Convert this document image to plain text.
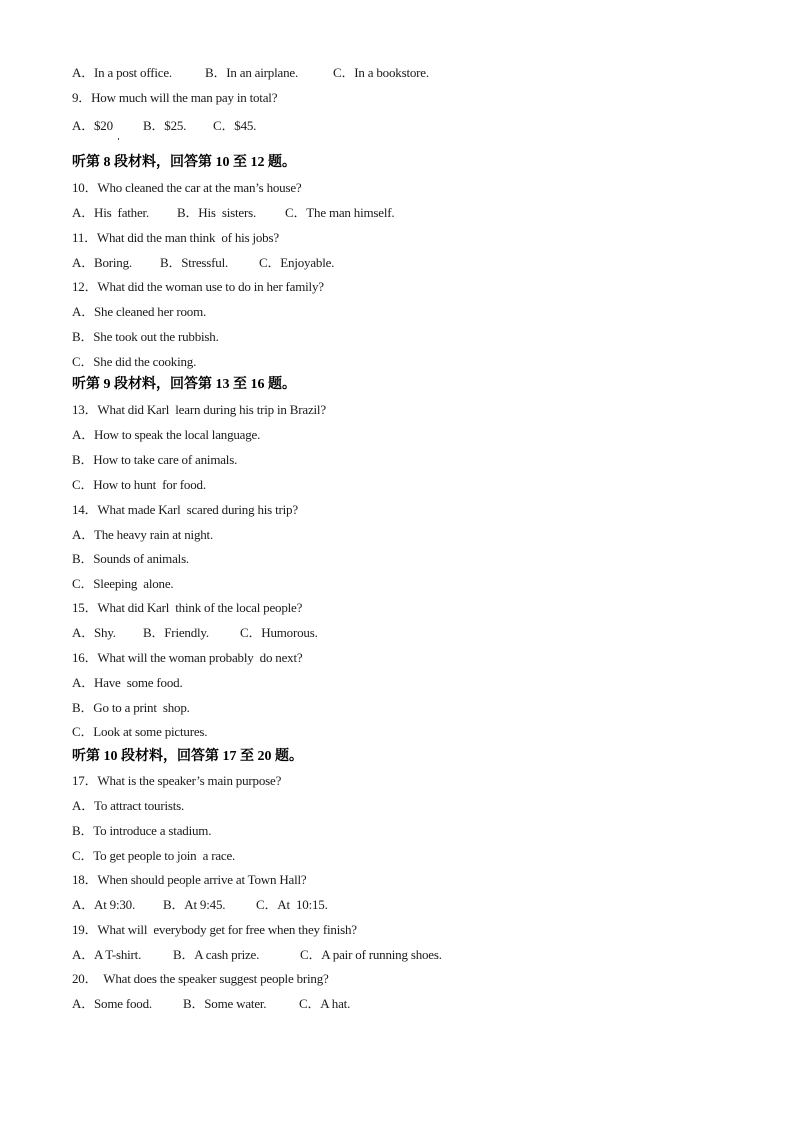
A．In a post office.	B．In an airplane.	C．In a bookstore.
9．How much will the man pay in total?
A．$20 B．$25. C．$45.
听第 8 段材料，回答第 10 至 12 题。
10．Who cleaned the car at the man’s house?
A．His  father. B．His  sisters. C．The man himself.
11．What did the man think  of his jobs?
A．Boring. B．Stressful. C．Enjoyable.
12．What did the woman use to do in her family?
A．She cleaned her room.
B．She took out the rubbish.
C．She did the cooking.
听第 9 段材料，回答第 13 至 16 题。
13．What did Karl  learn during his trip in Brazil?
A．How to speak the local language.
B．How to take care of animals.
C．How to hunt  for food.
14．What made Karl  scared during his trip?
A．The heavy rain at night.
B．Sounds of animals.
C．Sleeping  alone.
15．What did Karl  think of the local people?
A．Shy. B．Friendly. C．Humorous.
16．What will the woman probably  do next?
A．Have  some food.
B．Go to a print  shop.
C．Look at some pictures.
听第 10 段材料，回答第 17 至 20 题。
17．What is the speaker’s main purpose?
A．To attract tourists.
B．To introduce a stadium.
C．To get people to join  a race.
18．When should people arrive at Town Hall?
A．At 9:30. B．At 9:45. C．At  10:15.
19．What will  everybody get for free when they finish?
A．A T-shirt. B．A cash prize.	C．A pair of running shoes.
20．  What does the speaker suggest people bring?
A．Some food. B．Some water.	C．A hat.
